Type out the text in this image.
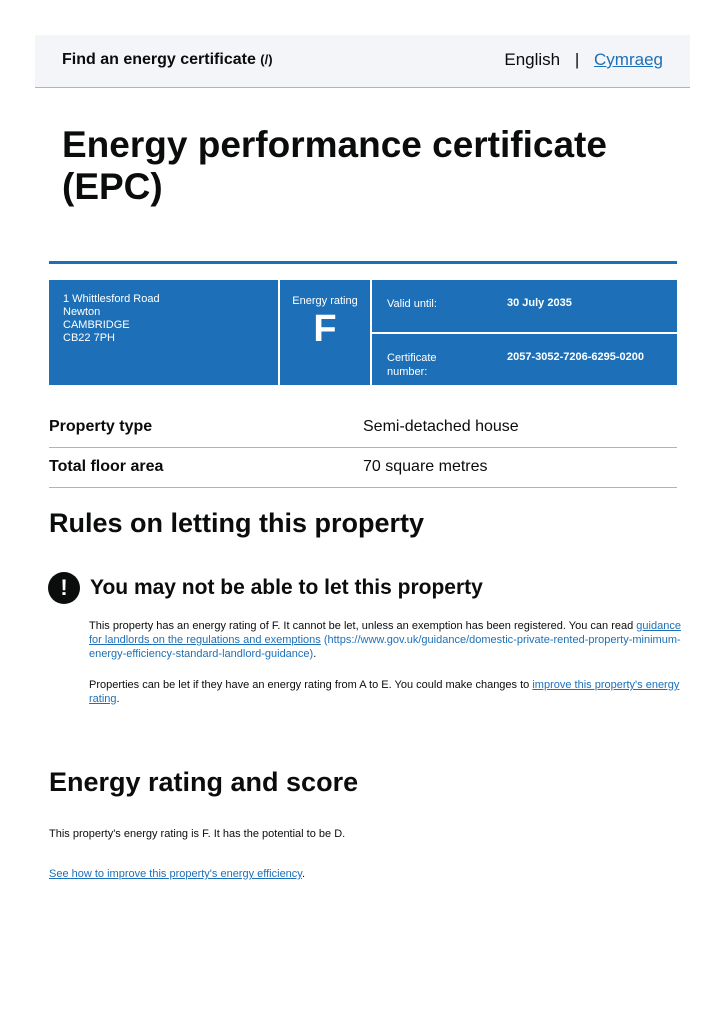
Find an energy certificate (/)	English | Cymraeg
Energy performance certificate
(EPC)
1 Whittlesford Road
Newton
CAMBRIDGE
CB22 7PH
Energy rating
F
Valid until:	30 July 2035
Certificate
number:
2057-3052-7206-6295-0200
Property type	Semi-detached house
Total floor area	70 square metres
Rules on letting this property
!	You may not be able to let this property
This property has an energy rating of F. It cannot be let, unless an exemption has been registered. You can read guidance for landlords on the regulations and exemptions (https://www.gov.uk/guidance/domestic-private-rented-property-minimum-energy-efficiency-standard-landlord-guidance).
Properties can be let if they have an energy rating from A to E. You could make changes to improve this property's energy rating.
Energy rating and score
This property's energy rating is F. It has the potential to be D.
See how to improve this property's energy efficiency.
